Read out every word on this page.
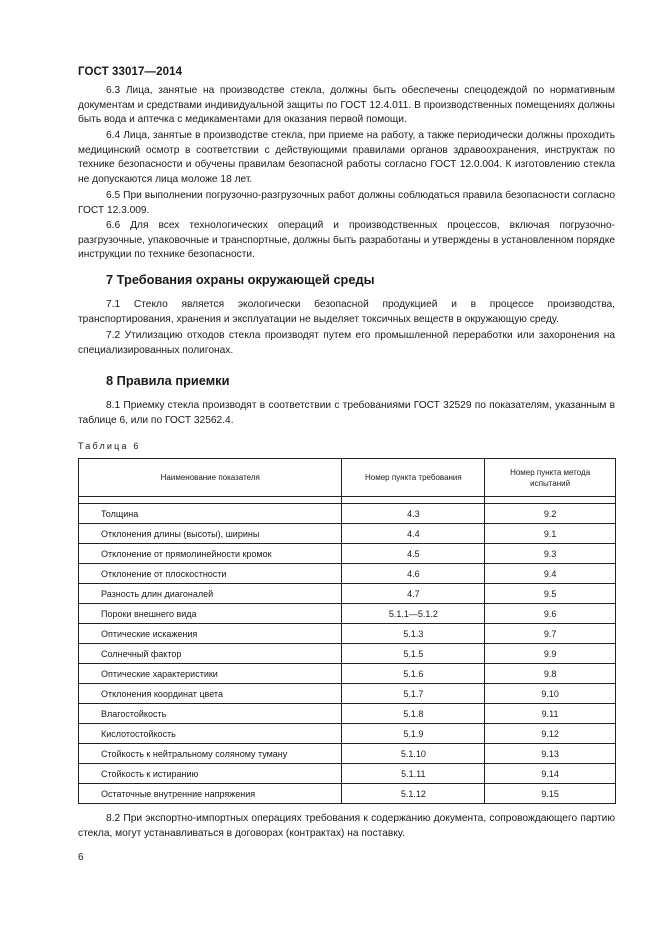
ГОСТ 33017—2014

6.3 Лица, занятые на производстве стекла, должны быть обеспечены спецодеждой по нормативным документам и средствами индивидуальной защиты по ГОСТ 12.4.011. В производственных помещениях должны быть вода и аптечка с медикаментами для оказания первой помощи.

6.4 Лица, занятые в производстве стекла, при приеме на работу, а также периодически должны проходить медицинский осмотр в соответствии с действующими правилами органов здравоохранения, инструктаж по технике безопасности и обучены правилам безопасной работы согласно ГОСТ 12.0.004. К изготовлению стекла не допускаются лица моложе 18 лет.

6.5 При выполнении погрузочно-разгрузочных работ должны соблюдаться правила безопасности согласно ГОСТ 12.3.009.

6.6 Для всех технологических операций и производственных процессов, включая погрузочно-разгрузочные, упаковочные и транспортные, должны быть разработаны и утверждены в установленном порядке инструкции по технике безопасности.

7 Требования охраны окружающей среды

7.1 Стекло является экологически безопасной продукцией и в процессе производства, транспортирования, хранения и эксплуатации не выделяет токсичных веществ в окружающую среду.

7.2 Утилизацию отходов стекла производят путем его промышленной переработки или захоронения на специализированных полигонах.

8 Правила приемки

8.1 Приемку стекла производят в соответствии с требованиями ГОСТ 32529 по показателям, указанным в таблице 6, или по ГОСТ 32562.4.

Таблица 6
Наименование показателя	Номер пункта требования	Номер пункта метода испытаний

Толщина	4.3	9.2
Отклонения длины (высоты), ширины	4.4	9.1
Отклонение от прямолинейности кромок	4.5	9.3
Отклонение от плоскостности	4.6	9.4
Разность длин диагоналей	4.7	9.5
Пороки внешнего вида	5.1.1—5.1.2	9.6
Оптические искажения	5.1.3	9.7
Солнечный фактор	5.1.5	9.9
Оптические характеристики	5.1.6	9.8
Отклонения координат цвета	5.1.7	9.10
Влагостойкость	5.1.8	9.11
Кислотостойкость	5.1.9	9.12
Стойкость к нейтральному соляному туману	5.1.10	9.13
Стойкость к истиранию	5.1.11	9.14
Остаточные внутренние напряжения	5.1.12	9.15

8.2 При экспортно-импортных операциях требования к содержанию документа, сопровождающего партию стекла, могут устанавливаться в договорах (контрактах) на поставку.

6
